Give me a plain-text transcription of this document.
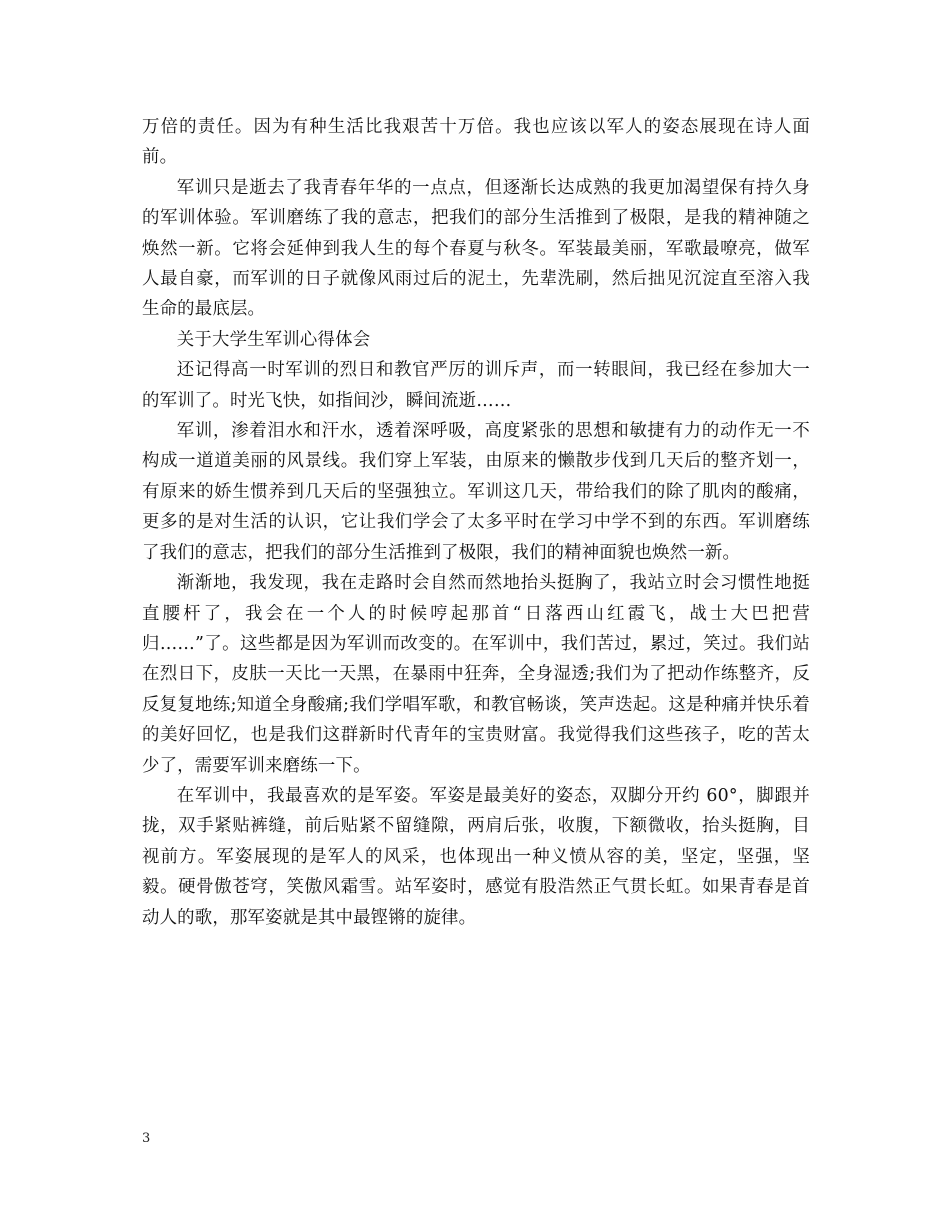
万倍的责任。因为有种生活比我艰苦十万倍。我也应该以军人的姿态展现在诗人面前。

军训只是逝去了我青春年华的一点点，但逐渐长达成熟的我更加渴望保有持久身的军训体验。军训磨练了我的意志，把我们的部分生活推到了极限，是我的精神随之焕然一新。它将会延伸到我人生的每个春夏与秋冬。军装最美丽，军歌最嘹亮，做军人最自豪，而军训的日子就像风雨过后的泥土，先辈洗刷，然后拙见沉淀直至溶入我生命的最底层。

关于大学生军训心得体会

还记得高一时军训的烈日和教官严厉的训斥声，而一转眼间，我已经在参加大一的军训了。时光飞快，如指间沙，瞬间流逝……

军训，渗着泪水和汗水，透着深呼吸，高度紧张的思想和敏捷有力的动作无一不构成一道道美丽的风景线。我们穿上军装，由原来的懒散步伐到几天后的整齐划一，有原来的娇生惯养到几天后的坚强独立。军训这几天，带给我们的除了肌肉的酸痛，更多的是对生活的认识，它让我们学会了太多平时在学习中学不到的东西。军训磨练了我们的意志，把我们的部分生活推到了极限，我们的精神面貌也焕然一新。

渐渐地，我发现，我在走路时会自然而然地抬头挺胸了，我站立时会习惯性地挺直腰杆了，我会在一个人的时候哼起那首“日落西山红霞飞，战士大巴把营归……”了。这些都是因为军训而改变的。在军训中，我们苦过，累过，笑过。我们站在烈日下，皮肤一天比一天黑，在暴雨中狂奔，全身湿透;我们为了把动作练整齐，反反复复地练;知道全身酸痛;我们学唱军歌，和教官畅谈，笑声迭起。这是种痛并快乐着的美好回忆，也是我们这群新时代青年的宝贵财富。我觉得我们这些孩子，吃的苦太少了，需要军训来磨练一下。

在军训中，我最喜欢的是军姿。军姿是最美好的姿态，双脚分开约 60°，脚跟并拢，双手紧贴裤缝，前后贴紧不留缝隙，两肩后张，收腹，下额微收，抬头挺胸，目视前方。军姿展现的是军人的风采，也体现出一种义愤从容的美，坚定，坚强，坚毅。硬骨傲苍穹，笑傲风霜雪。站军姿时，感觉有股浩然正气贯长虹。如果青春是首动人的歌，那军姿就是其中最铿锵的旋律。

3
